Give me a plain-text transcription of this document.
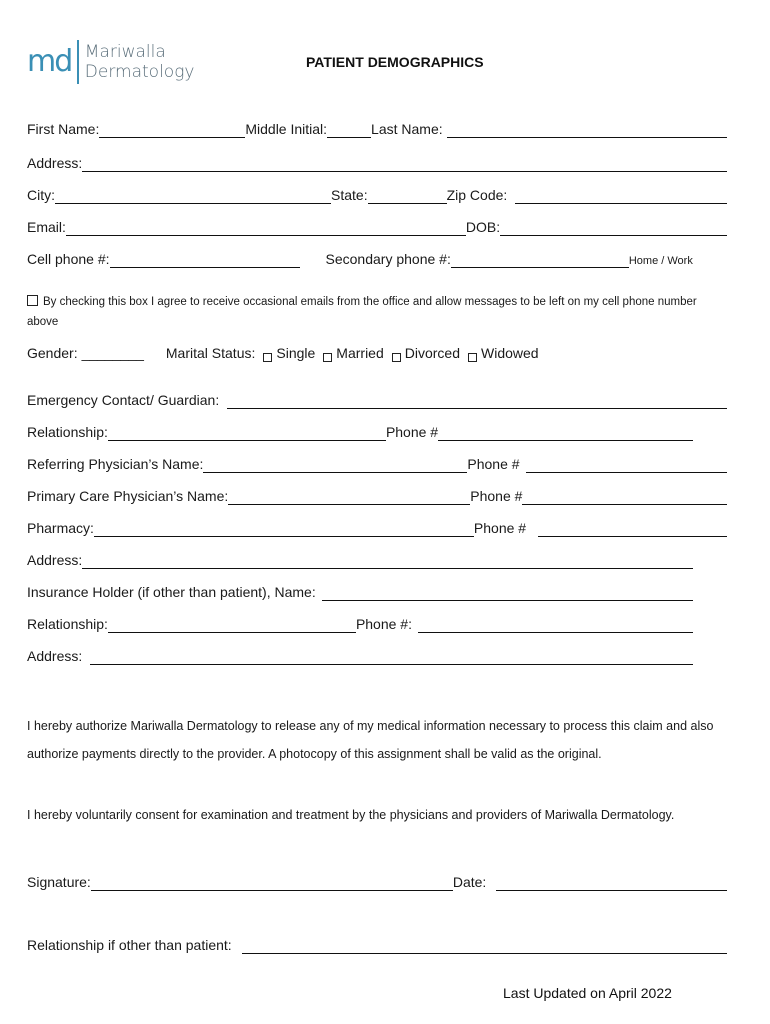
md Mariwalla
Dermatology	PATIENT DEMOGRAPHICS
First Name:	Middle Initial:	Last Name:
Address:
City:	State:	Zip Code:
Email:	DOB:
Cell phone #:	Secondary phone #:	Home / Work
By checking this box I agree to receive occasional emails from the office and allow messages to be left on my cell phone number above
Gender: ________ Marital Status: Single Married Divorced Widowed
Emergency Contact/ Guardian:
Relationship:	Phone #
Referring Physician’s Name:	Phone #
Primary Care Physician’s Name:	Phone #
Pharmacy:	Phone #
Address:
Insurance Holder (if other than patient), Name:
Relationship:	Phone #:
Address:
I hereby authorize Mariwalla Dermatology to release any of my medical information necessary to process this claim and also authorize payments directly to the provider. A photocopy of this assignment shall be valid as the original.
I hereby voluntarily consent for examination and treatment by the physicians and providers of Mariwalla Dermatology.
Signature:	Date:
Relationship if other than patient:
Last Updated on April 2022
